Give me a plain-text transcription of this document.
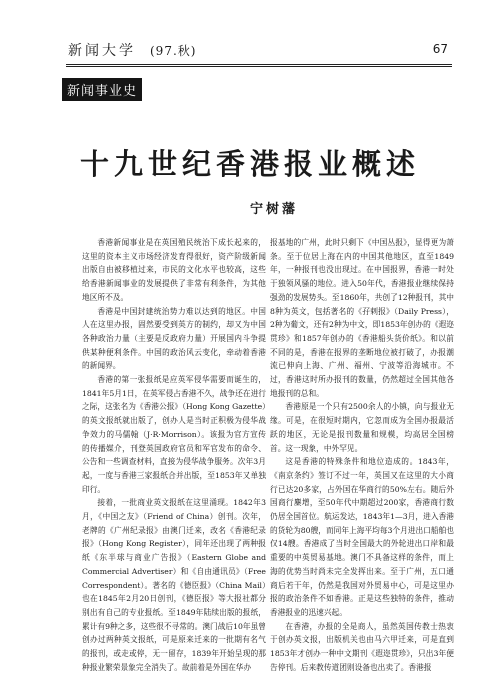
新闻大学 (97.秋)	67
新闻事业史
十九世纪香港报业概述
宁树藩

香港新闻事业是在英国殖民统治下成长起来的，这里的资本主义市场经济发育得很好，资产阶级新闻出版自由被移植过来，市民的文化水平也较高，这些给香港新闻事业的发展提供了非常有利条件，为其他地区所不及。

香港是中国封建统治势力难以达到的地区。中国人在这里办报，固然要受到英方的制约，却又为中国各种政治力量（主要是反政府力量）开展国内斗争提供某种便利条件。中国的政治风云变化，牵动着香港的新闻界。

香港的第一张报纸是应英军侵华需要而诞生的，1841年5月1日，在英军侵占香港不久，战争还在进行之际，这张名为《香港公报》（Hong Kong Gazette）的英文报纸就出版了，创办人是当时正积极为侵华战争效力的马儒翰（J·R·Morrison）。该报为官方宣传的传播媒介，刊登英国政府官员和军官发布的命令、公告和一些调查材料，直接为侵华战争服务。次年3月起，一度与香港三家报纸合并出版，至1853年又单独印行。

接着，一批商业英文报纸在这里涌现。1842年3月，《中国之友》（Friend of China）创刊。次年，老牌的《广州纪录报》由澳门迁来，改名《香港纪录报》（Hong Kong Register），同年还出现了两种报纸《东半球与商业广告报》（Eastern Globe and Commercial Advertiser）和《自由通讯员》（Free Correspondent）。著名的《德臣报》（China Mail）也在1845年2月20日创刊，《德臣报》等大报社都分别出有自己的专业报纸。至1849年陆续出版的报纸，累计有9种之多，这些很不寻常的。澳门战后10年虽曾创办过两种英文报纸，可是原来迁来的一批期有名气的报刊，或走或停，无一留存，1839年开始呈现的那种报业繁荣景象完全消失了。故前着是外国在华办

报基地的广州，此时只剩下《中国丛报》，显得更为萧条。至于位居上海在内的中国其他地区，直至1849年，一种报刊也没出现过。在中国报界，香港一时处于独领风骚的地位。进入50年代，香港报业继续保持强劲的发展势头。至1860年，共创了12种报刊，其中8种为英文，包括著名的《孖剌报》（Daily Press），2种为葡文，还有2种为中文，即1853年创办的《遐迩贯珍》和1857年创办的《香港船头货价纸》。和以前不同的是，香港在报界的垄断地位被打破了，办报潮流已伸向上海、广州、福州、宁波等沿海城市。不过，香港这时所办报刊的数量，仍然超过全国其他各地报刊的总和。

香港原是一个只有2500余人的小镇，向与报业无缘。可是，在很短时期内，它忽而成为全国办报最活跃的地区，无论是报刊数量和规模，均高居全国榜首。这一现象，中外罕见。

这是香港的特殊条件和地位造成的。1843年，《南京条约》签订不过一年，英国又在这里的大小商行已达20多家，占外国在华商行的50%左右。随后外国商行麇增，至50年代中期超过200家，香港商行数仍居全国首位。航运发达，1843年1—3月，进入香港的货轮为80艘，而同年上海平均每3个月进出口船舶也仅14艘。香港成了当时全国最大的外轮进出口岸和最重要的中英贸易基地。澳门不具备这样的条件，而上海的优势当时尚未完全发挥出来。至于广州，五口通商后若干年，仍然是我国对外贸易中心，可是这里办报的政治条件不如香港。正是这些独特的条件，推动香港报业的迅速兴起。

在香港，办报的全是商人，虽然英国传教士热衷于创办英文报，出版机关也由马六甲迁来，可是直到1853年才创办一种中文期刊《遐迩贯珍》，只出3年便告停刊。后来教传道团则设备也出卖了。香港报
